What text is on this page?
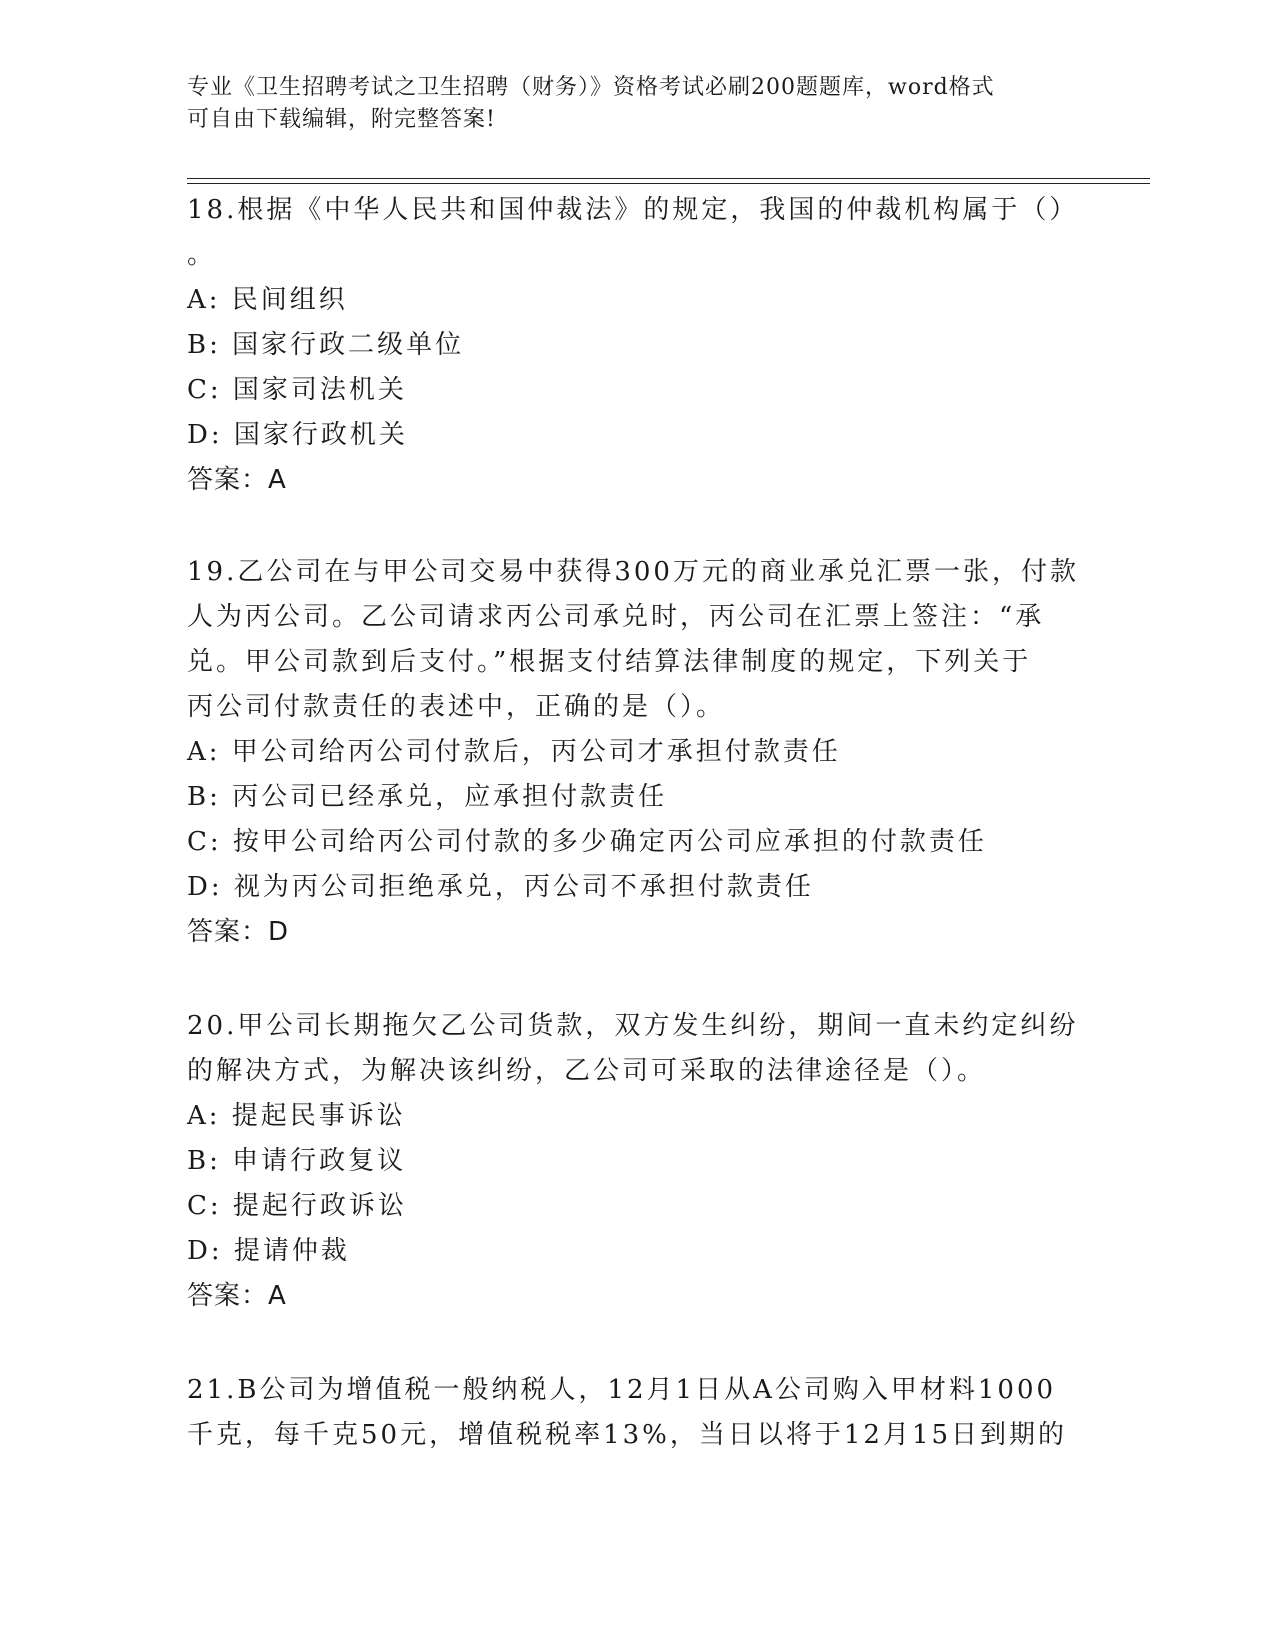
专业《卫生招聘考试之卫生招聘（财务）》资格考试必刷200题题库，word格式
可自由下载编辑，附完整答案!
18.根据《中华人民共和国仲裁法》的规定，我国的仲裁机构属于（）
。
A: 民间组织
B: 国家行政二级单位
C: 国家司法机关
D: 国家行政机关
答案：A
19.乙公司在与甲公司交易中获得300万元的商业承兑汇票一张，付款
人为丙公司。乙公司请求丙公司承兑时，丙公司在汇票上签注：“承
兑。甲公司款到后支付。”根据支付结算法律制度的规定，下列关于
丙公司付款责任的表述中，正确的是（）。
A: 甲公司给丙公司付款后，丙公司才承担付款责任
B: 丙公司已经承兑，应承担付款责任
C: 按甲公司给丙公司付款的多少确定丙公司应承担的付款责任
D: 视为丙公司拒绝承兑，丙公司不承担付款责任
答案：D
20.甲公司长期拖欠乙公司货款，双方发生纠纷，期间一直未约定纠纷
的解决方式，为解决该纠纷，乙公司可采取的法律途径是（）。
A: 提起民事诉讼
B: 申请行政复议
C: 提起行政诉讼
D: 提请仲裁
答案：A
21.B公司为增值税一般纳税人，12月1日从A公司购入甲材料1000
千克，每千克50元，增值税税率13%，当日以将于12月15日到期的
